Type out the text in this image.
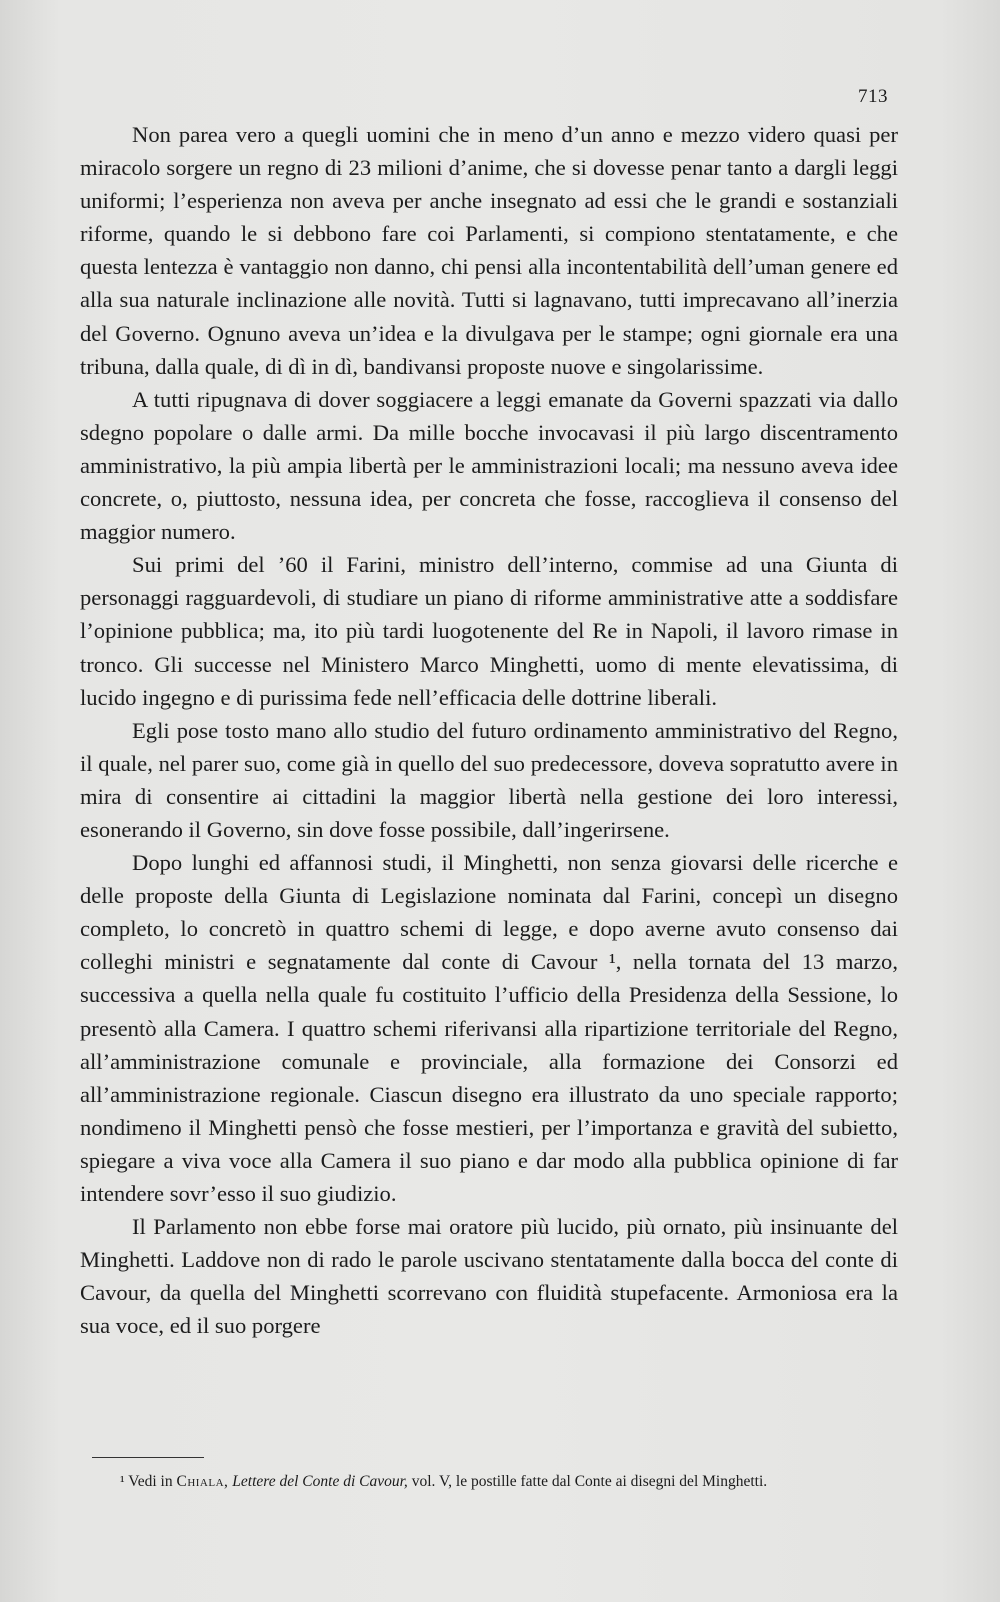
713

Non parea vero a quegli uomini che in meno d’un anno e mezzo videro quasi per miracolo sorgere un regno di 23 milioni d’anime, che si dovesse penar tanto a dargli leggi uniformi; l’esperienza non aveva per anche insegnato ad essi che le grandi e sostanziali riforme, quando le si debbono fare coi Parlamenti, si compiono stentatamente, e che questa lentezza è vantaggio non danno, chi pensi alla incontentabilità dell’uman genere ed alla sua naturale inclinazione alle novità. Tutti si lagnavano, tutti imprecavano all’inerzia del Governo. Ognuno aveva un’idea e la divulgava per le stampe; ogni giornale era una tribuna, dalla quale, di dì in dì, bandivansi proposte nuove e singolarissime.

A tutti ripugnava di dover soggiacere a leggi emanate da Governi spazzati via dallo sdegno popolare o dalle armi. Da mille bocche invocavasi il più largo discentramento amministrativo, la più ampia libertà per le amministrazioni locali; ma nessuno aveva idee concrete, o, piuttosto, nessuna idea, per concreta che fosse, raccoglieva il consenso del maggior numero.

Sui primi del ’60 il Farini, ministro dell’interno, commise ad una Giunta di personaggi ragguardevoli, di studiare un piano di riforme amministrative atte a soddisfare l’opinione pubblica; ma, ito più tardi luogotenente del Re in Napoli, il lavoro rimase in tronco. Gli successe nel Ministero Marco Minghetti, uomo di mente elevatissima, di lucido ingegno e di purissima fede nell’efficacia delle dottrine liberali.

Egli pose tosto mano allo studio del futuro ordinamento amministrativo del Regno, il quale, nel parer suo, come già in quello del suo predecessore, doveva sopratutto avere in mira di consentire ai cittadini la maggior libertà nella gestione dei loro interessi, esonerando il Governo, sin dove fosse possibile, dall’ingerirsene.

Dopo lunghi ed affannosi studi, il Minghetti, non senza giovarsi delle ricerche e delle proposte della Giunta di Legislazione nominata dal Farini, concepì un disegno completo, lo concretò in quattro schemi di legge, e dopo averne avuto consenso dai colleghi ministri e segnatamente dal conte di Cavour ¹, nella tornata del 13 marzo, successiva a quella nella quale fu costituito l’ufficio della Presidenza della Sessione, lo presentò alla Camera. I quattro schemi riferivansi alla ripartizione territoriale del Regno, all’amministrazione comunale e provinciale, alla formazione dei Consorzi ed all’amministrazione regionale. Ciascun disegno era illustrato da uno speciale rapporto; nondimeno il Minghetti pensò che fosse mestieri, per l’importanza e gravità del subietto, spiegare a viva voce alla Camera il suo piano e dar modo alla pubblica opinione di far intendere sovr’esso il suo giudizio.

Il Parlamento non ebbe forse mai oratore più lucido, più ornato, più insinuante del Minghetti. Laddove non di rado le parole uscivano stentatamente dalla bocca del conte di Cavour, da quella del Minghetti scorrevano con fluidità stupefacente. Armoniosa era la sua voce, ed il suo porgere

¹ Vedi in Chiala, Lettere del Conte di Cavour, vol. V, le postille fatte dal Conte ai disegni del Minghetti.
